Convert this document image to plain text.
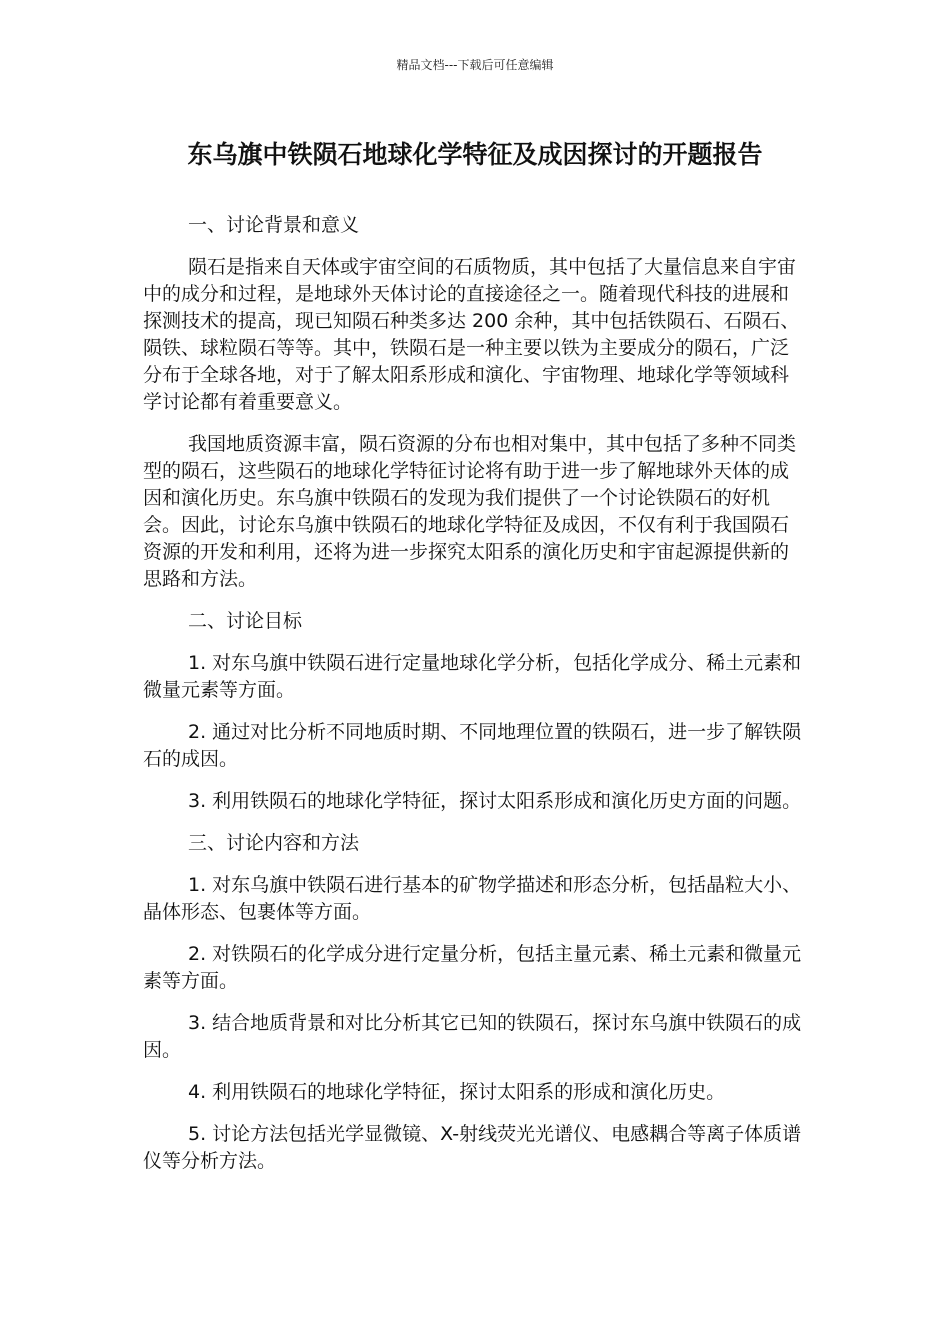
精品文档---下载后可任意编辑
东乌旗中铁陨石地球化学特征及成因探讨的开题报告

一、讨论背景和意义

陨石是指来自天体或宇宙空间的石质物质，其中包括了大量信息来自宇宙中的成分和过程，是地球外天体讨论的直接途径之一。随着现代科技的进展和探测技术的提高，现已知陨石种类多达 200 余种，其中包括铁陨石、石陨石、陨铁、球粒陨石等等。其中，铁陨石是一种主要以铁为主要成分的陨石，广泛分布于全球各地，对于了解太阳系形成和演化、宇宙物理、地球化学等领域科学讨论都有着重要意义。

我国地质资源丰富，陨石资源的分布也相对集中，其中包括了多种不同类型的陨石，这些陨石的地球化学特征讨论将有助于进一步了解地球外天体的成因和演化历史。东乌旗中铁陨石的发现为我们提供了一个讨论铁陨石的好机会。因此，讨论东乌旗中铁陨石的地球化学特征及成因，不仅有利于我国陨石资源的开发和利用，还将为进一步探究太阳系的演化历史和宇宙起源提供新的思路和方法。

二、讨论目标

1. 对东乌旗中铁陨石进行定量地球化学分析，包括化学成分、稀土元素和微量元素等方面。

2. 通过对比分析不同地质时期、不同地理位置的铁陨石，进一步了解铁陨石的成因。

3. 利用铁陨石的地球化学特征，探讨太阳系形成和演化历史方面的问题。

三、讨论内容和方法

1. 对东乌旗中铁陨石进行基本的矿物学描述和形态分析，包括晶粒大小、晶体形态、包裹体等方面。

2. 对铁陨石的化学成分进行定量分析，包括主量元素、稀土元素和微量元素等方面。

3. 结合地质背景和对比分析其它已知的铁陨石，探讨东乌旗中铁陨石的成因。

4. 利用铁陨石的地球化学特征，探讨太阳系的形成和演化历史。

5. 讨论方法包括光学显微镜、X-射线荧光光谱仪、电感耦合等离子体质谱仪等分析方法。
